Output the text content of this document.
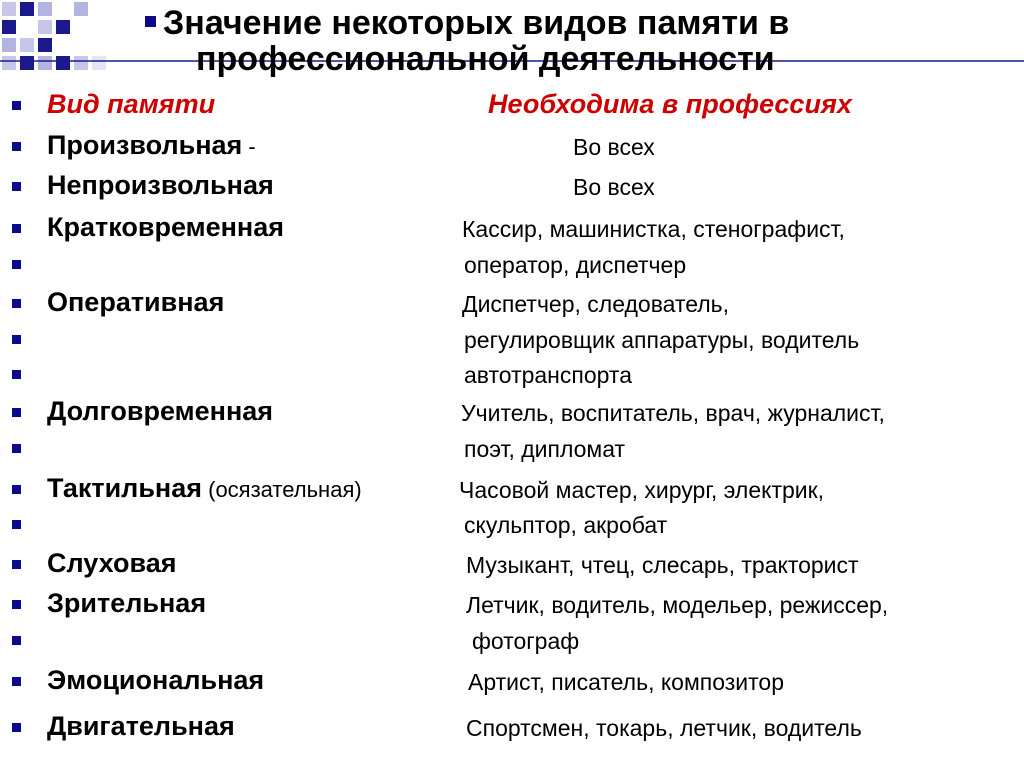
Значение некоторых видов памяти в
профессиональной деятельности
Вид памяти	Необходима в профессиях
Произвольная -	Во всех
Непроизвольная	Во всех
Кратковременная	Кассир, машинистка, стенографист,
оператор, диспетчер
Оперативная	Диспетчер, следователь,
регулировщик аппаратуры, водитель
автотранспорта
Долговременная	Учитель, воспитатель, врач, журналист,
поэт, дипломат
Тактильная (осязательная)	Часовой мастер, хирург, электрик,
скульптор, акробат
Слуховая	Музыкант, чтец, слесарь, тракторист
Зрительная	Летчик, водитель, модельер, режиссер,
фотограф
Эмоциональная	Артист, писатель, композитор
Двигательная	Спортсмен, токарь, летчик, водитель
